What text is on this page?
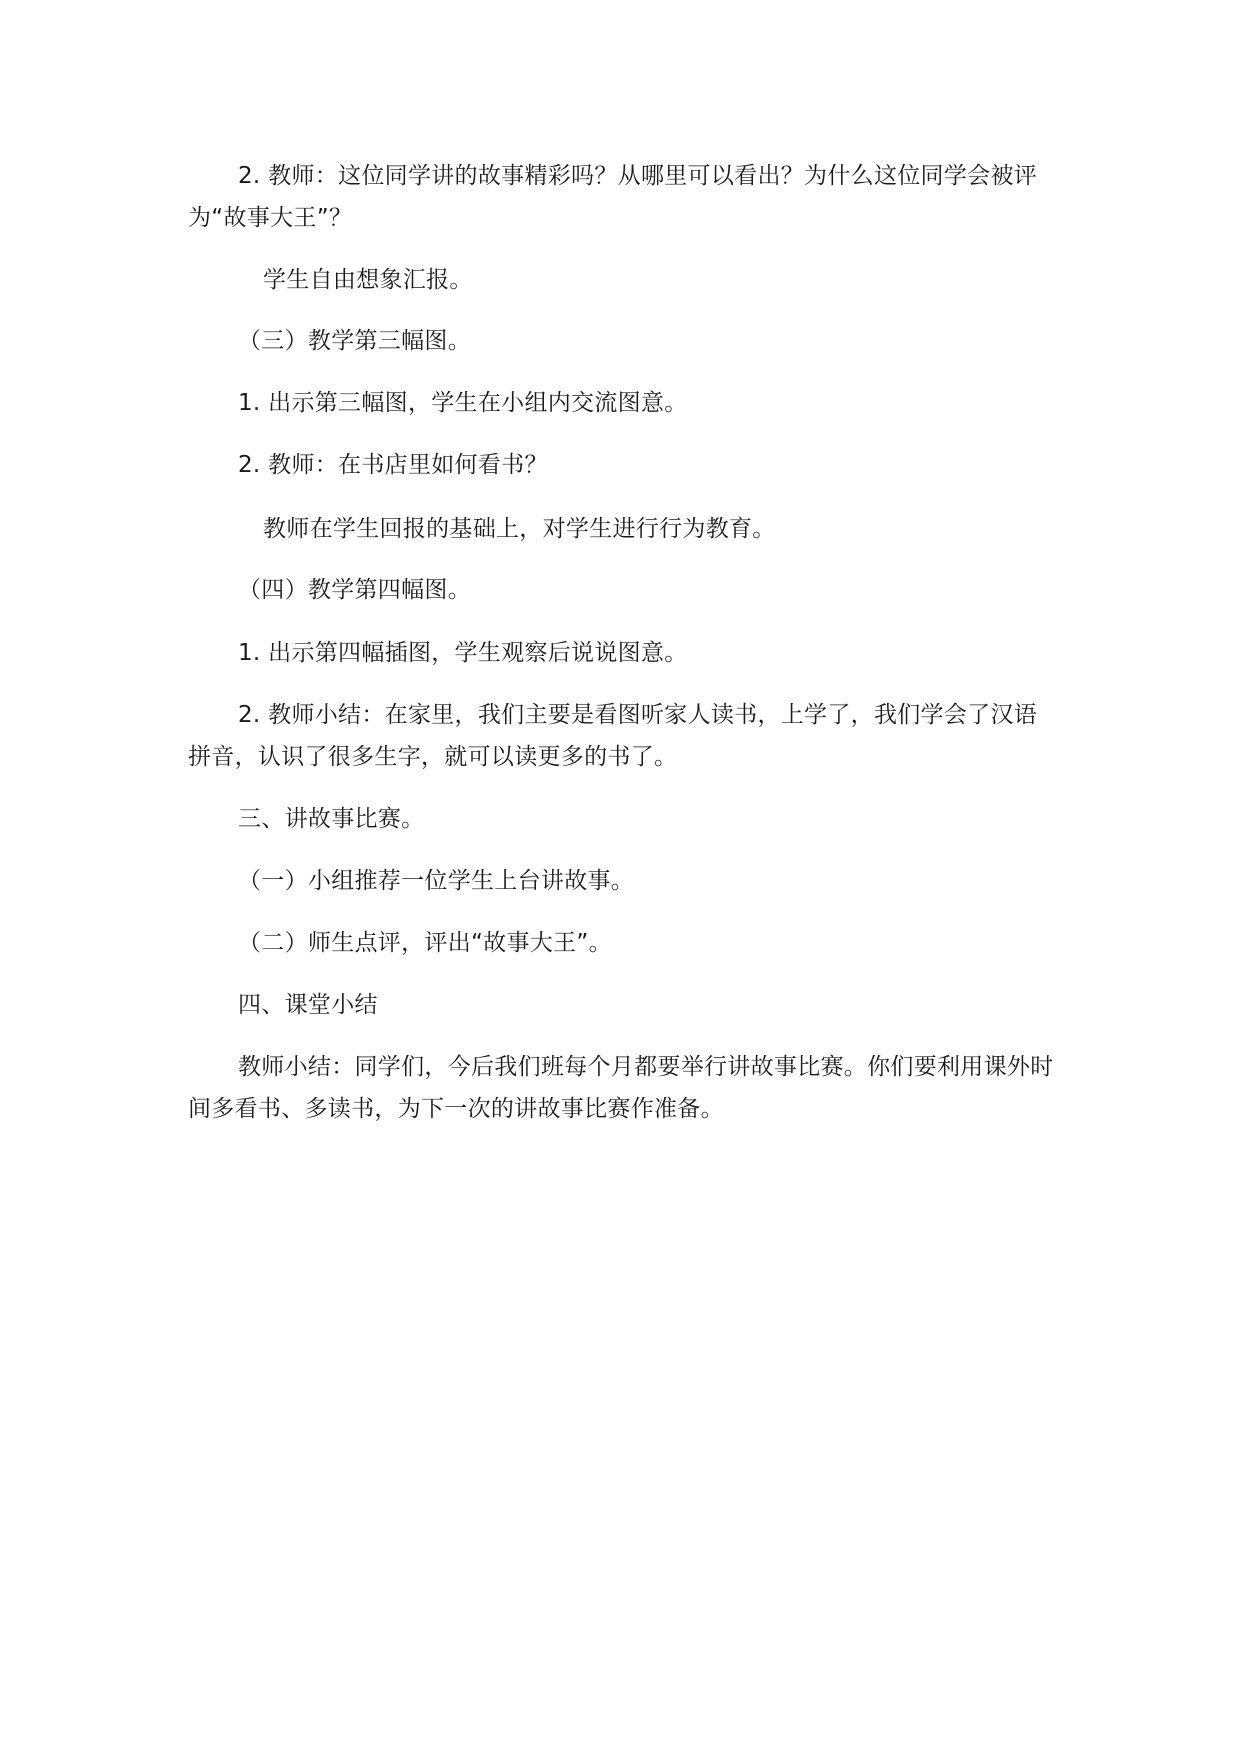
2. 教师：这位同学讲的故事精彩吗？从哪里可以看出？为什么这位同学会被评为“故事大王”？

学生自由想象汇报。

（三）教学第三幅图。

1. 出示第三幅图，学生在小组内交流图意。

2. 教师：在书店里如何看书？

教师在学生回报的基础上，对学生进行行为教育。

（四）教学第四幅图。

1. 出示第四幅插图，学生观察后说说图意。

2. 教师小结：在家里，我们主要是看图听家人读书，上学了，我们学会了汉语拼音，认识了很多生字，就可以读更多的书了。

三、讲故事比赛。

（一）小组推荐一位学生上台讲故事。

（二）师生点评，评出“故事大王”。

四、课堂小结

教师小结：同学们，今后我们班每个月都要举行讲故事比赛。你们要利用课外时间多看书、多读书，为下一次的讲故事比赛作准备。
